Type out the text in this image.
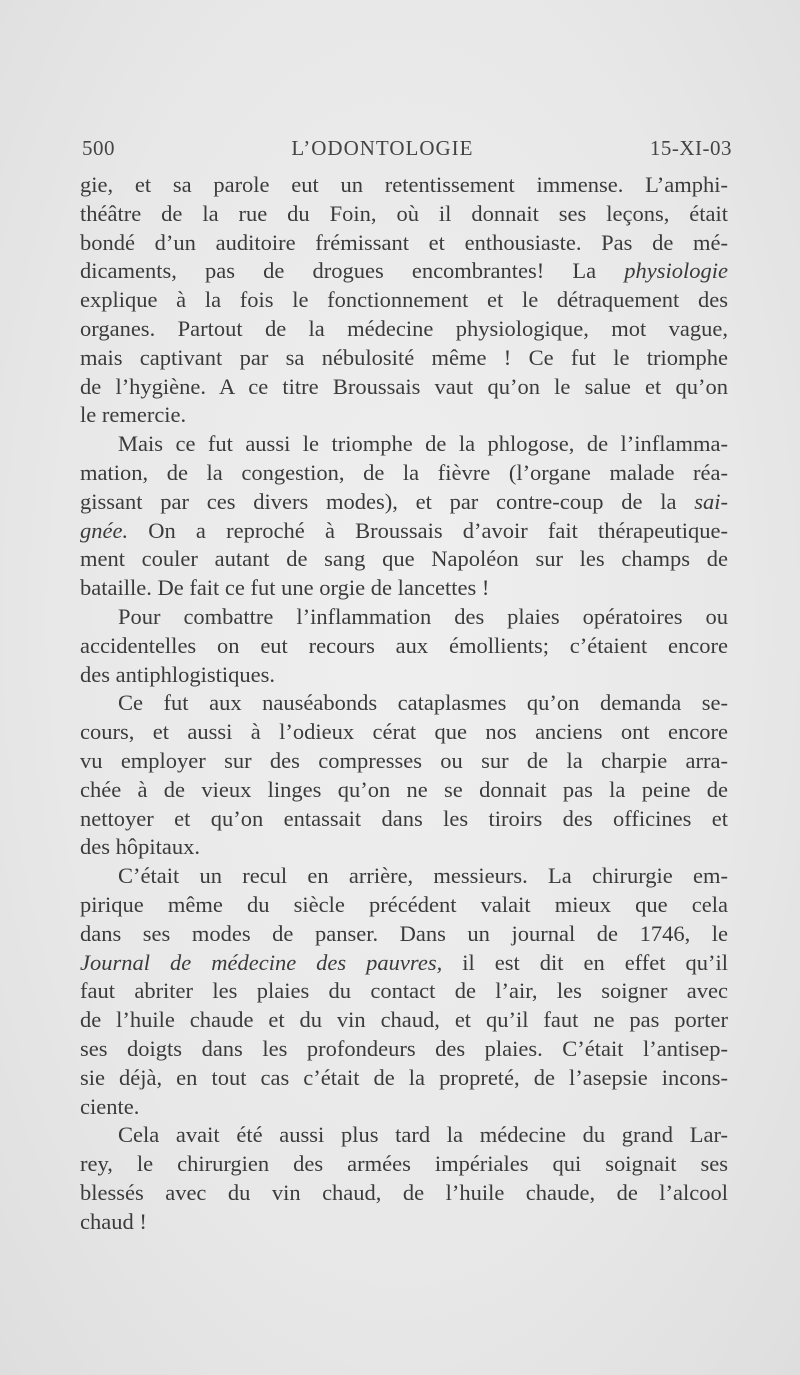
500	L’ODONTOLOGIE	15-XI-03
gie, et sa parole eut un retentissement immense. L’amphi-
théâtre de la rue du Foin, où il donnait ses leçons, était
bondé d’un auditoire frémissant et enthousiaste. Pas de mé-
dicaments, pas de drogues encombrantes! La physiologie
explique à la fois le fonctionnement et le détraquement des
organes. Partout de la médecine physiologique, mot vague,
mais captivant par sa nébulosité même ! Ce fut le triomphe
de l’hygiène. A ce titre Broussais vaut qu’on le salue et qu’on
le remercie.
Mais ce fut aussi le triomphe de la phlogose, de l’inflamma-
mation, de la congestion, de la fièvre (l’organe malade réa-
gissant par ces divers modes), et par contre-coup de la sai-
gnée. On a reproché à Broussais d’avoir fait thérapeutique-
ment couler autant de sang que Napoléon sur les champs de
bataille. De fait ce fut une orgie de lancettes !
Pour combattre l’inflammation des plaies opératoires ou
accidentelles on eut recours aux émollients; c’étaient encore
des antiphlogistiques.
Ce fut aux nauséabonds cataplasmes qu’on demanda se-
cours, et aussi à l’odieux cérat que nos anciens ont encore
vu employer sur des compresses ou sur de la charpie arra-
chée à de vieux linges qu’on ne se donnait pas la peine de
nettoyer et qu’on entassait dans les tiroirs des officines et
des hôpitaux.
C’était un recul en arrière, messieurs. La chirurgie em-
pirique même du siècle précédent valait mieux que cela
dans ses modes de panser. Dans un journal de 1746, le
Journal de médecine des pauvres, il est dit en effet qu’il
faut abriter les plaies du contact de l’air, les soigner avec
de l’huile chaude et du vin chaud, et qu’il faut ne pas porter
ses doigts dans les profondeurs des plaies. C’était l’antisep-
sie déjà, en tout cas c’était de la propreté, de l’asepsie incons-
ciente.
Cela avait été aussi plus tard la médecine du grand Lar-
rey, le chirurgien des armées impériales qui soignait ses
blessés avec du vin chaud, de l’huile chaude, de l’alcool
chaud !
